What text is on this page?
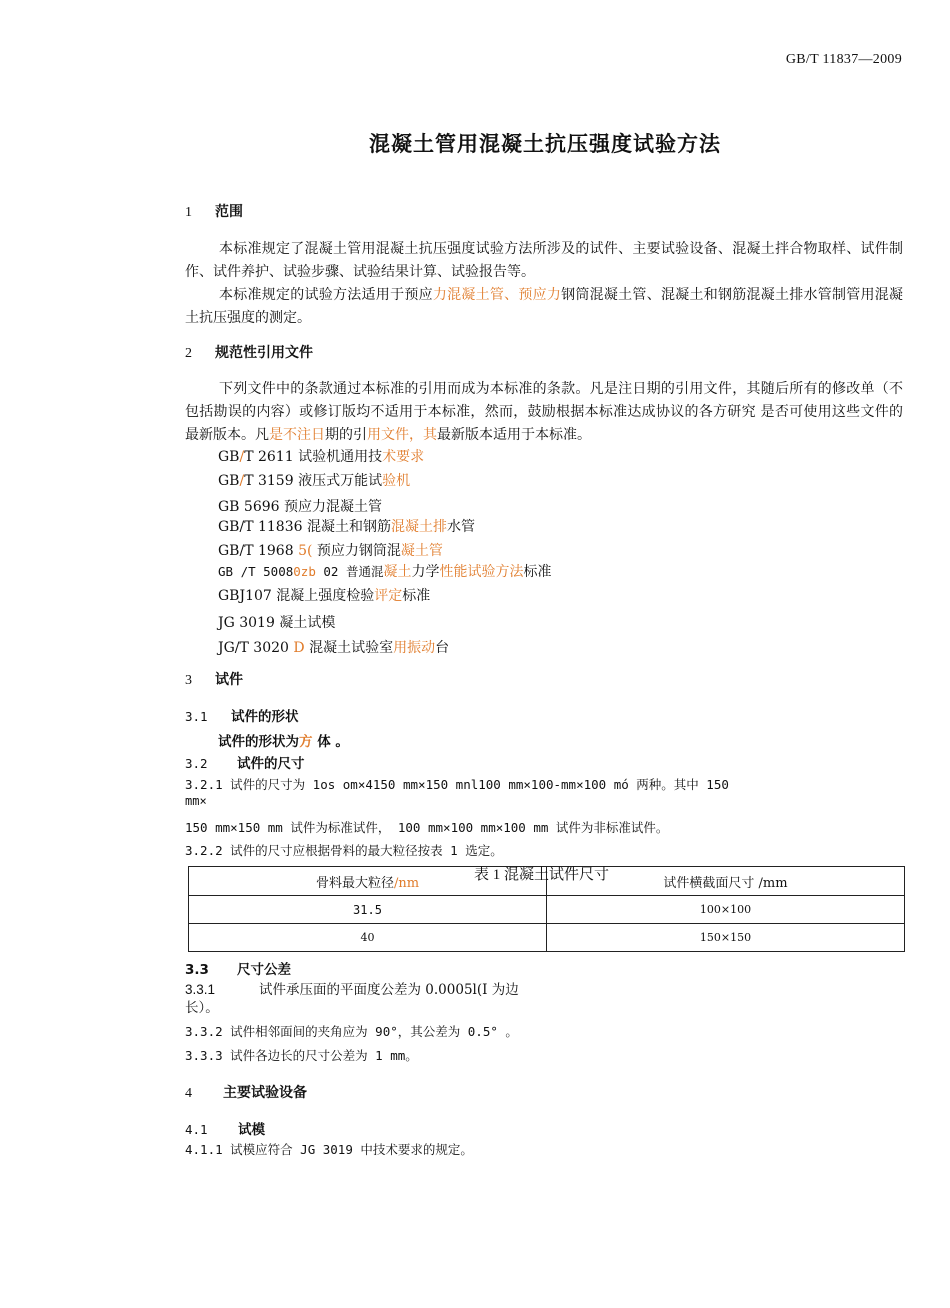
GB/T 11837—2009
混凝土管用混凝土抗压强度试验方法
1 范围
本标准规定了混凝土管用混凝土抗压强度试验方法所涉及的试件、主要试验设备、混凝土拌合物取样、试件制作、试件养护、试验步骤、试验结果计算、试验报告等。
本标准规定的试验方法适用于预应力混凝土管、预应力钢筒混凝土管、混凝土和钢筋混凝土排水管制管用混凝土抗压强度的测定。
2 规范性引用文件
下列文件中的条款通过本标准的引用而成为本标准的条款。凡是注日期的引用文件，其随后所有的修改单（不包括勘误的内容）或修订版均不适用于本标准，然而，鼓励根据本标准达成协议的各方研究 是否可使用这些文件的最新版本。凡是不注日期的引用文件，其最新版本适用于本标准。
GB/T 2611 试验机通用技术要求
GB/T 3159 液压式万能试验机
GB 5696 预应力混凝土管
GB/T 11836 混凝土和钢筋混凝土排水管
GB/T 1968 5( 预应力钢筒混凝土管
GB /T 50080zb 02 普通混凝土力学性能试验方法标准
GBJ107 混凝上强度检验评定标准
JG 3019 凝土试模
JG/T 3020 D 混凝土试验室用振动台
3 试件
3.1 试件的形状
试件的形状为方 体 。
3.2 试件的尺寸
3.2.1 试件的尺寸为 1os om×4150 mm×150 mnl100 mm×100-mm×100 mó 两种。其中 150
mm×
150 mm×150 mm 试件为标准试件， 100 mm×100 mm×100 mm 试件为非标准试件。
3.2.2 试件的尺寸应根据骨料的最大粒径按表 1 选定。
骨料最大粒径/nm	试件横截面尺寸 /mm
31.5	100×100
40	150×150
表 1 混凝土试件尺寸
3.3 尺寸公差
3.3.1	试件承压面的平面度公差为 0.0005l(I 为边
长）。
3.3.2 试件相邻面间的夹角应为 90°，其公差为 0.5° 。
3.3.3 试件各边长的尺寸公差为 1 mm。
4 主要试验设备
4.1 试模
4.1.1 试模应符合 JG 3019 中技术要求的规定。
